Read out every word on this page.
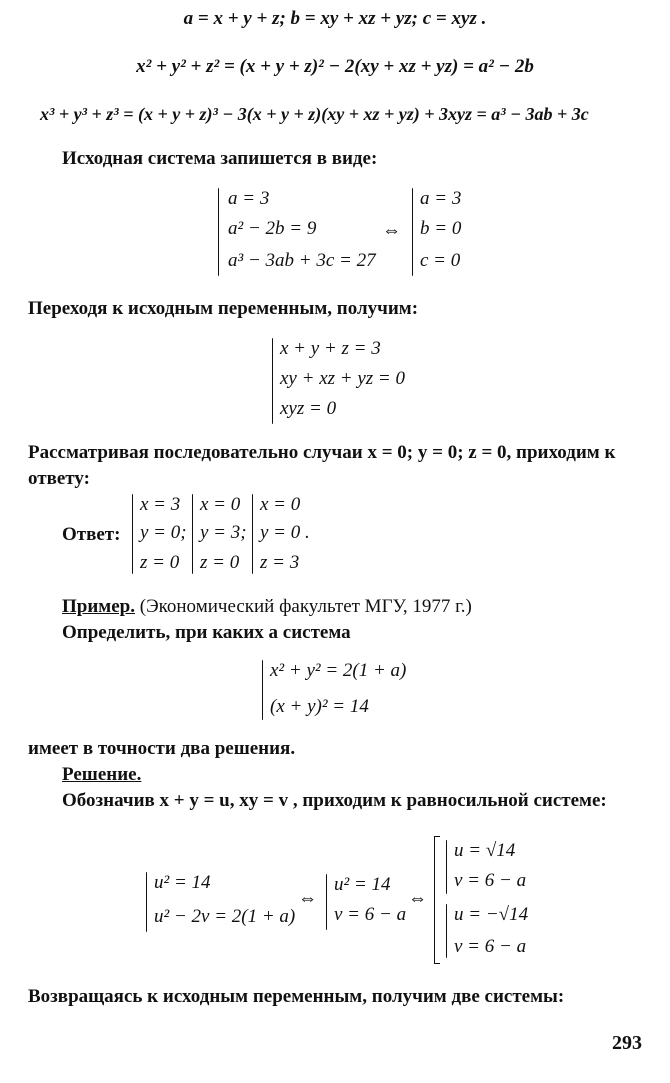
a = x + y + z; b = xy + xz + yz; c = xyz .
x² + y² + z² = (x + y + z)² − 2(xy + xz + yz) = a² − 2b
x³ + y³ + z³ = (x + y + z)³ − 3(x + y + z)(xy + xz + yz) + 3xyz = a³ − 3ab + 3c
Исходная система запишется в виде:
a = 3
a² − 2b = 9
a³ − 3ab + 3c = 27
⇔
a = 3
b = 0
c = 0
Переходя к исходным переменным, получим:
x + y + z = 3
xy + xz + yz = 0
xyz = 0
Рассматривая последовательно случаи x = 0; y = 0; z = 0, приходим к
ответу:
Ответ:
x = 3
y = 0;
z = 0
x = 0
y = 3;
z = 0
x = 0
y = 0 .
z = 3
Пример. (Экономический факультет МГУ, 1977 г.)
Определить, при каких a система
x² + y² = 2(1 + a)
(x + y)² = 14
имеет в точности два решения.
Решение.
Обозначив x + y = u, xy = v , приходим к равносильной системе:
u² = 14
u² − 2v = 2(1 + a)
⇔
u² = 14
v = 6 − a
⇔
u = √14
v = 6 − a
u = −√14
v = 6 − a
Возвращаясь к исходным переменным, получим две системы:
293
